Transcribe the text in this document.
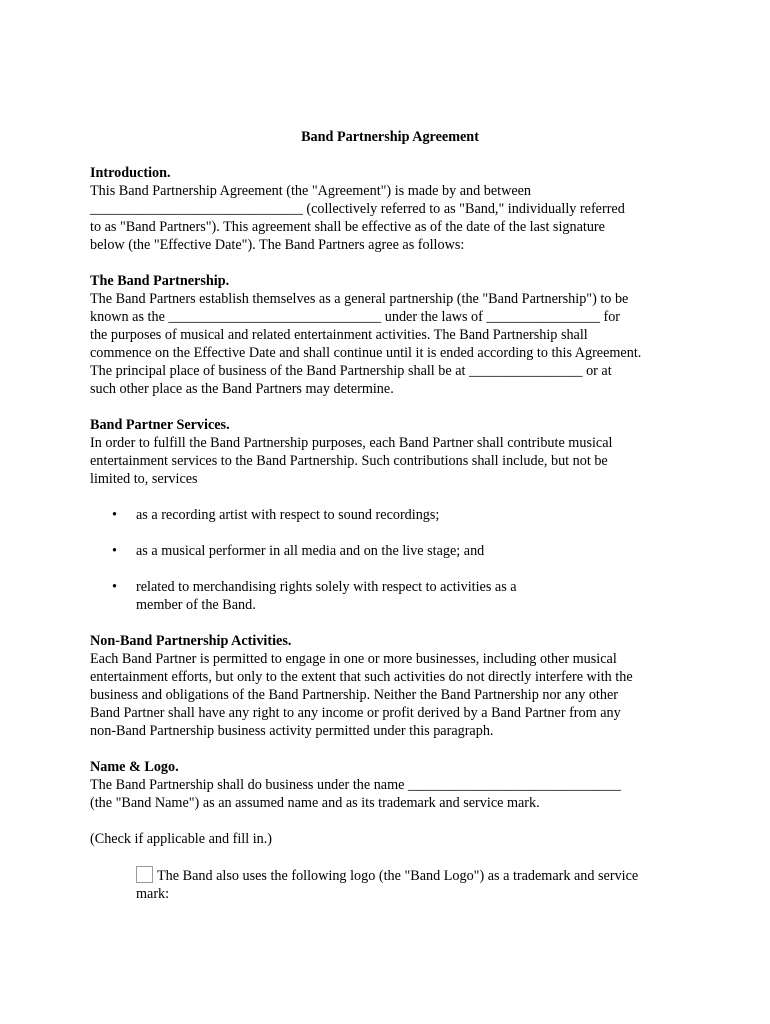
Band Partnership Agreement
Introduction.
This Band Partnership Agreement (the "Agreement") is made by and between
______________________________ (collectively referred to as "Band," individually referred
to as "Band Partners"). This agreement shall be effective as of the date of the last signature
below (the "Effective Date"). The Band Partners agree as follows:
The Band Partnership.
The Band Partners establish themselves as a general partnership (the "Band Partnership") to be
known as the ______________________________ under the laws of ________________ for
the purposes of musical and related entertainment activities. The Band Partnership shall
commence on the Effective Date and shall continue until it is ended according to this Agreement.
The principal place of business of the Band Partnership shall be at ________________ or at
such other place as the Band Partners may determine.
Band Partner Services.
In order to fulfill the Band Partnership purposes, each Band Partner shall contribute musical
entertainment services to the Band Partnership. Such contributions shall include, but not be
limited to, services
• as a recording artist with respect to sound recordings;
• as a musical performer in all media and on the live stage; and
• related to merchandising rights solely with respect to activities as a
member of the Band.
Non-Band Partnership Activities.
Each Band Partner is permitted to engage in one or more businesses, including other musical
entertainment efforts, but only to the extent that such activities do not directly interfere with the
business and obligations of the Band Partnership. Neither the Band Partnership nor any other
Band Partner shall have any right to any income or profit derived by a Band Partner from any
non-Band Partnership business activity permitted under this paragraph.
Name & Logo.
The Band Partnership shall do business under the name ______________________________
(the "Band Name") as an assumed name and as its trademark and service mark.
(Check if applicable and fill in.)
The Band also uses the following logo (the "Band Logo") as a trademark and service
mark:
